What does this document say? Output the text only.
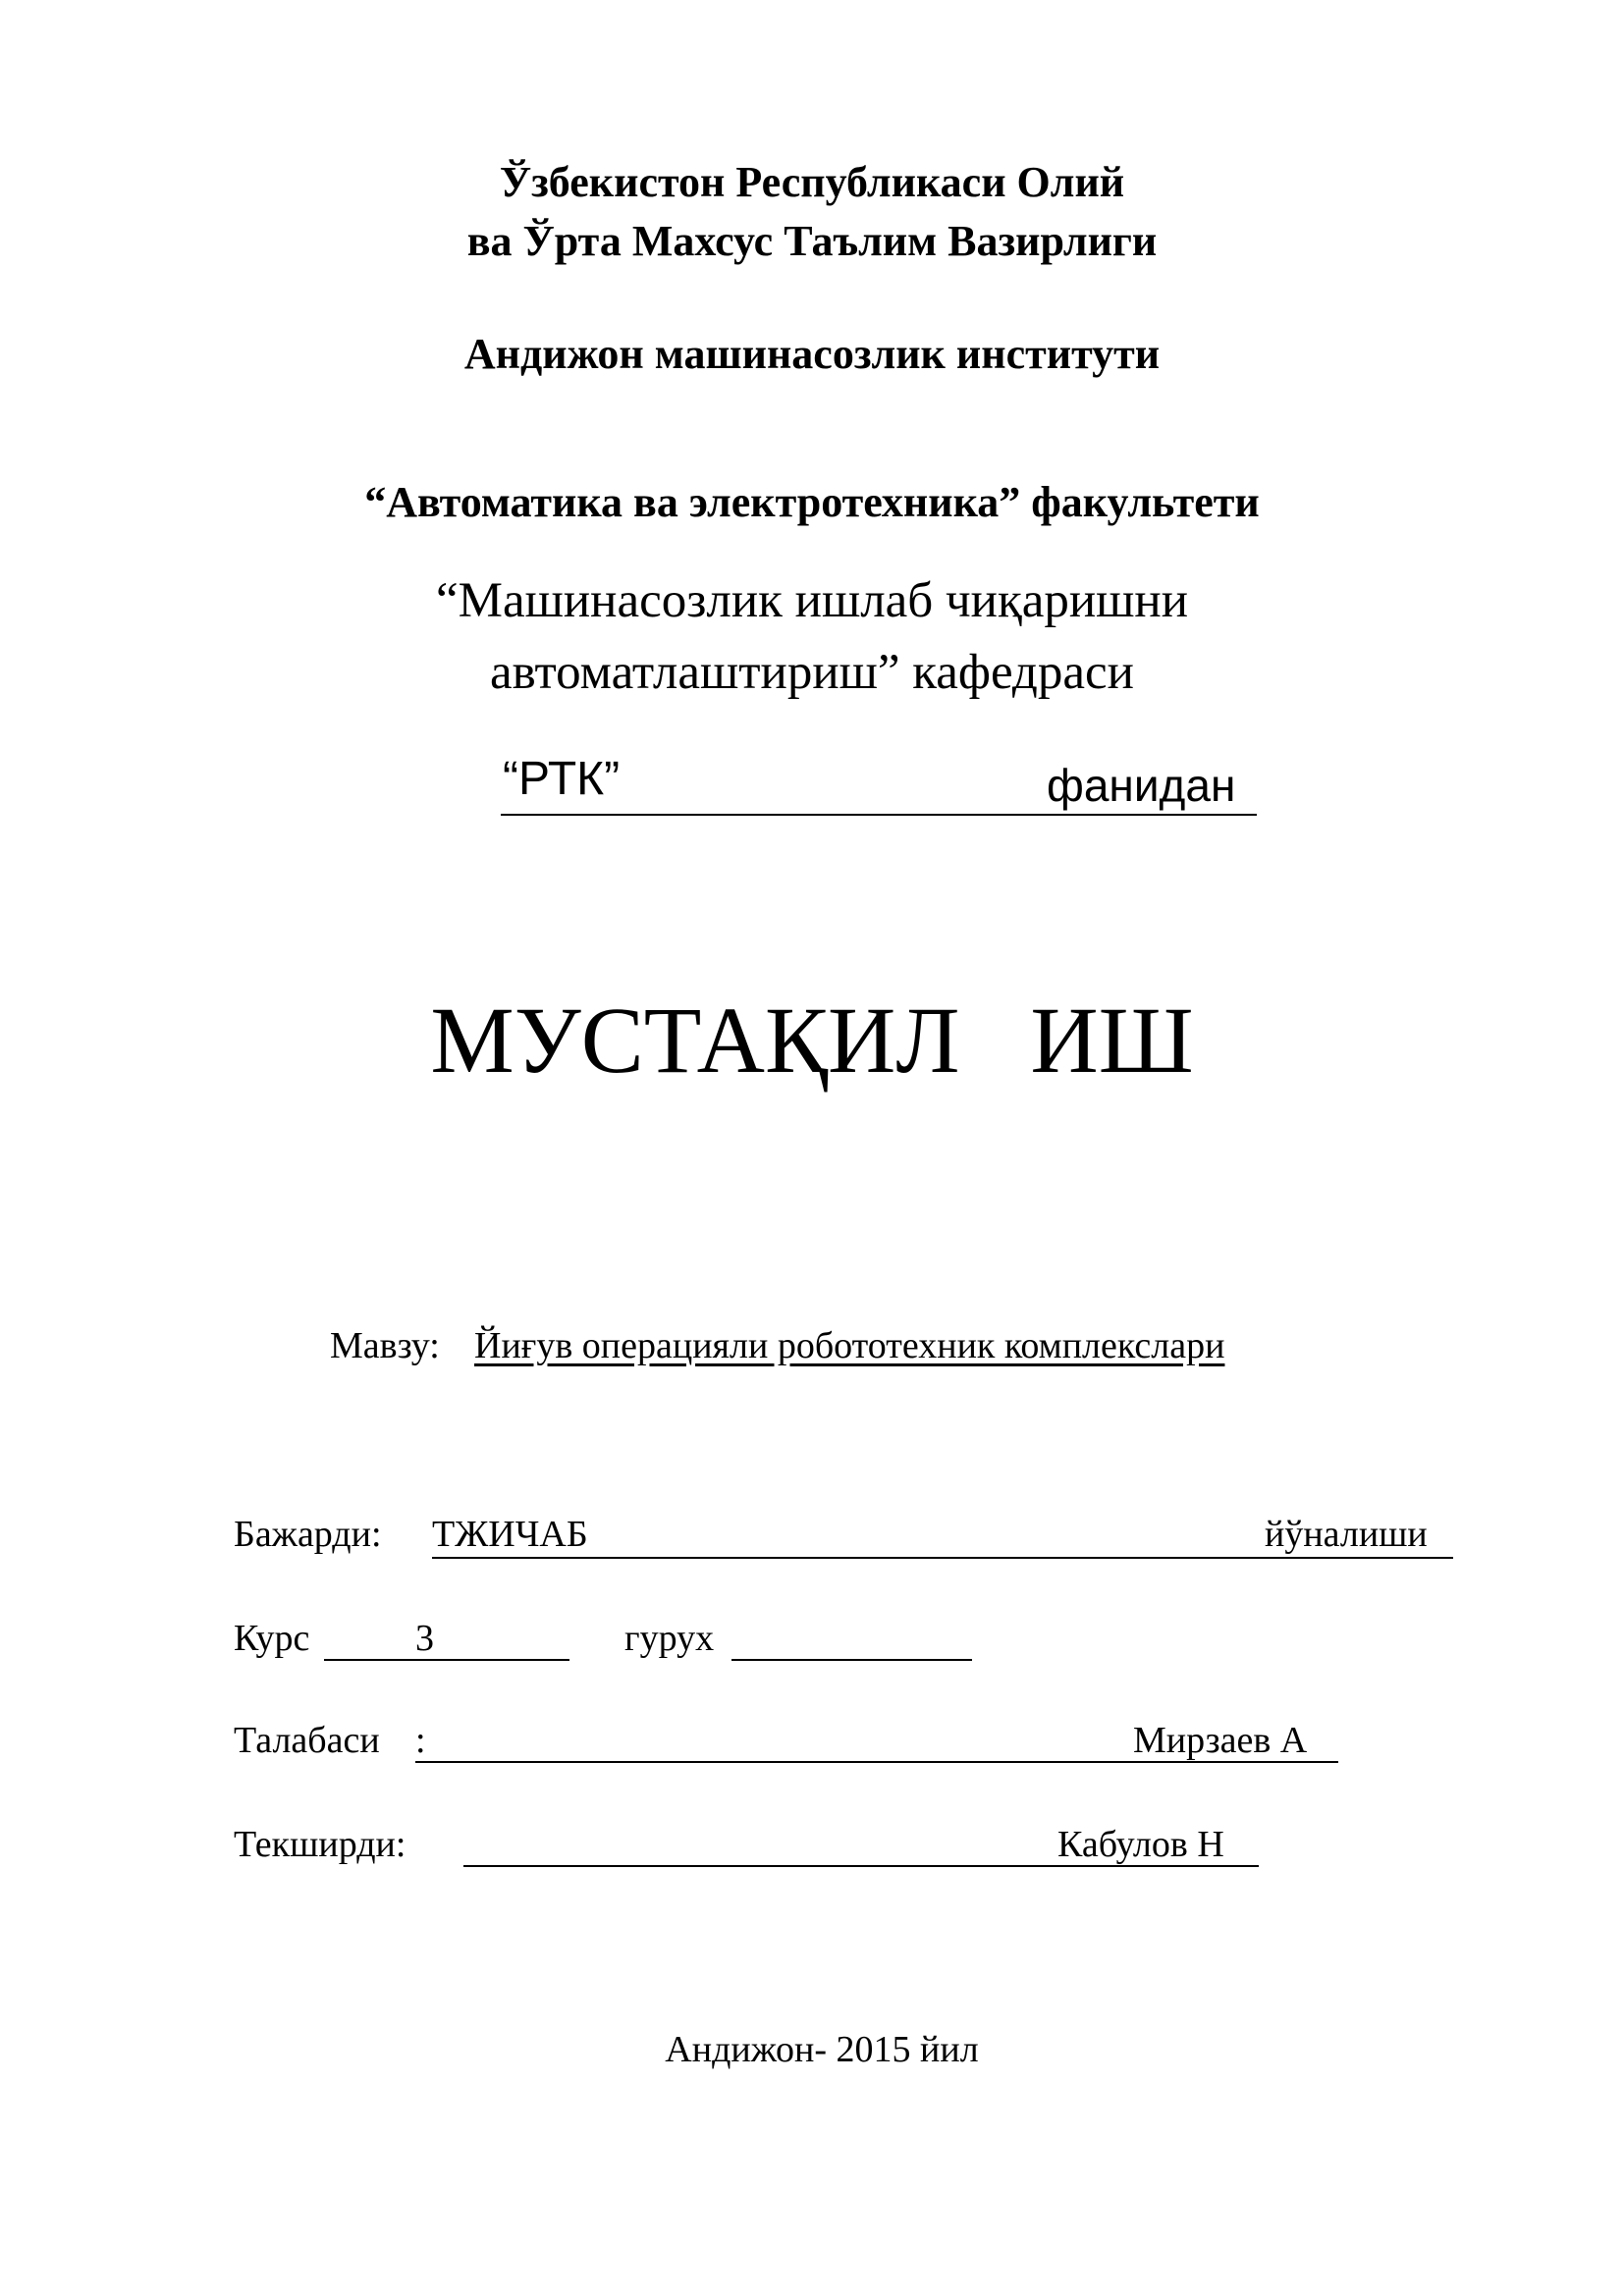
Ўзбекистон Республикаси Олий
ва Ўрта Махсус Таълим Вазирлиги
Андижон машинасозлик институти
“Автоматика ва электротехника” факультети
“Машинасозлик ишлаб чиқаришни
автоматлаштириш” кафедраси
“РТК”	фанидан
МУСТАҚИЛ   ИШ
Мавзу: Йиғув операцияли робототехник комплекслари
Бажарди: ТЖИЧАБ	йўналиши
Курс	3	гурух
Талабаси :	Мирзаев А
Текширди:	Кабулов Н
Андижон- 2015 йил
